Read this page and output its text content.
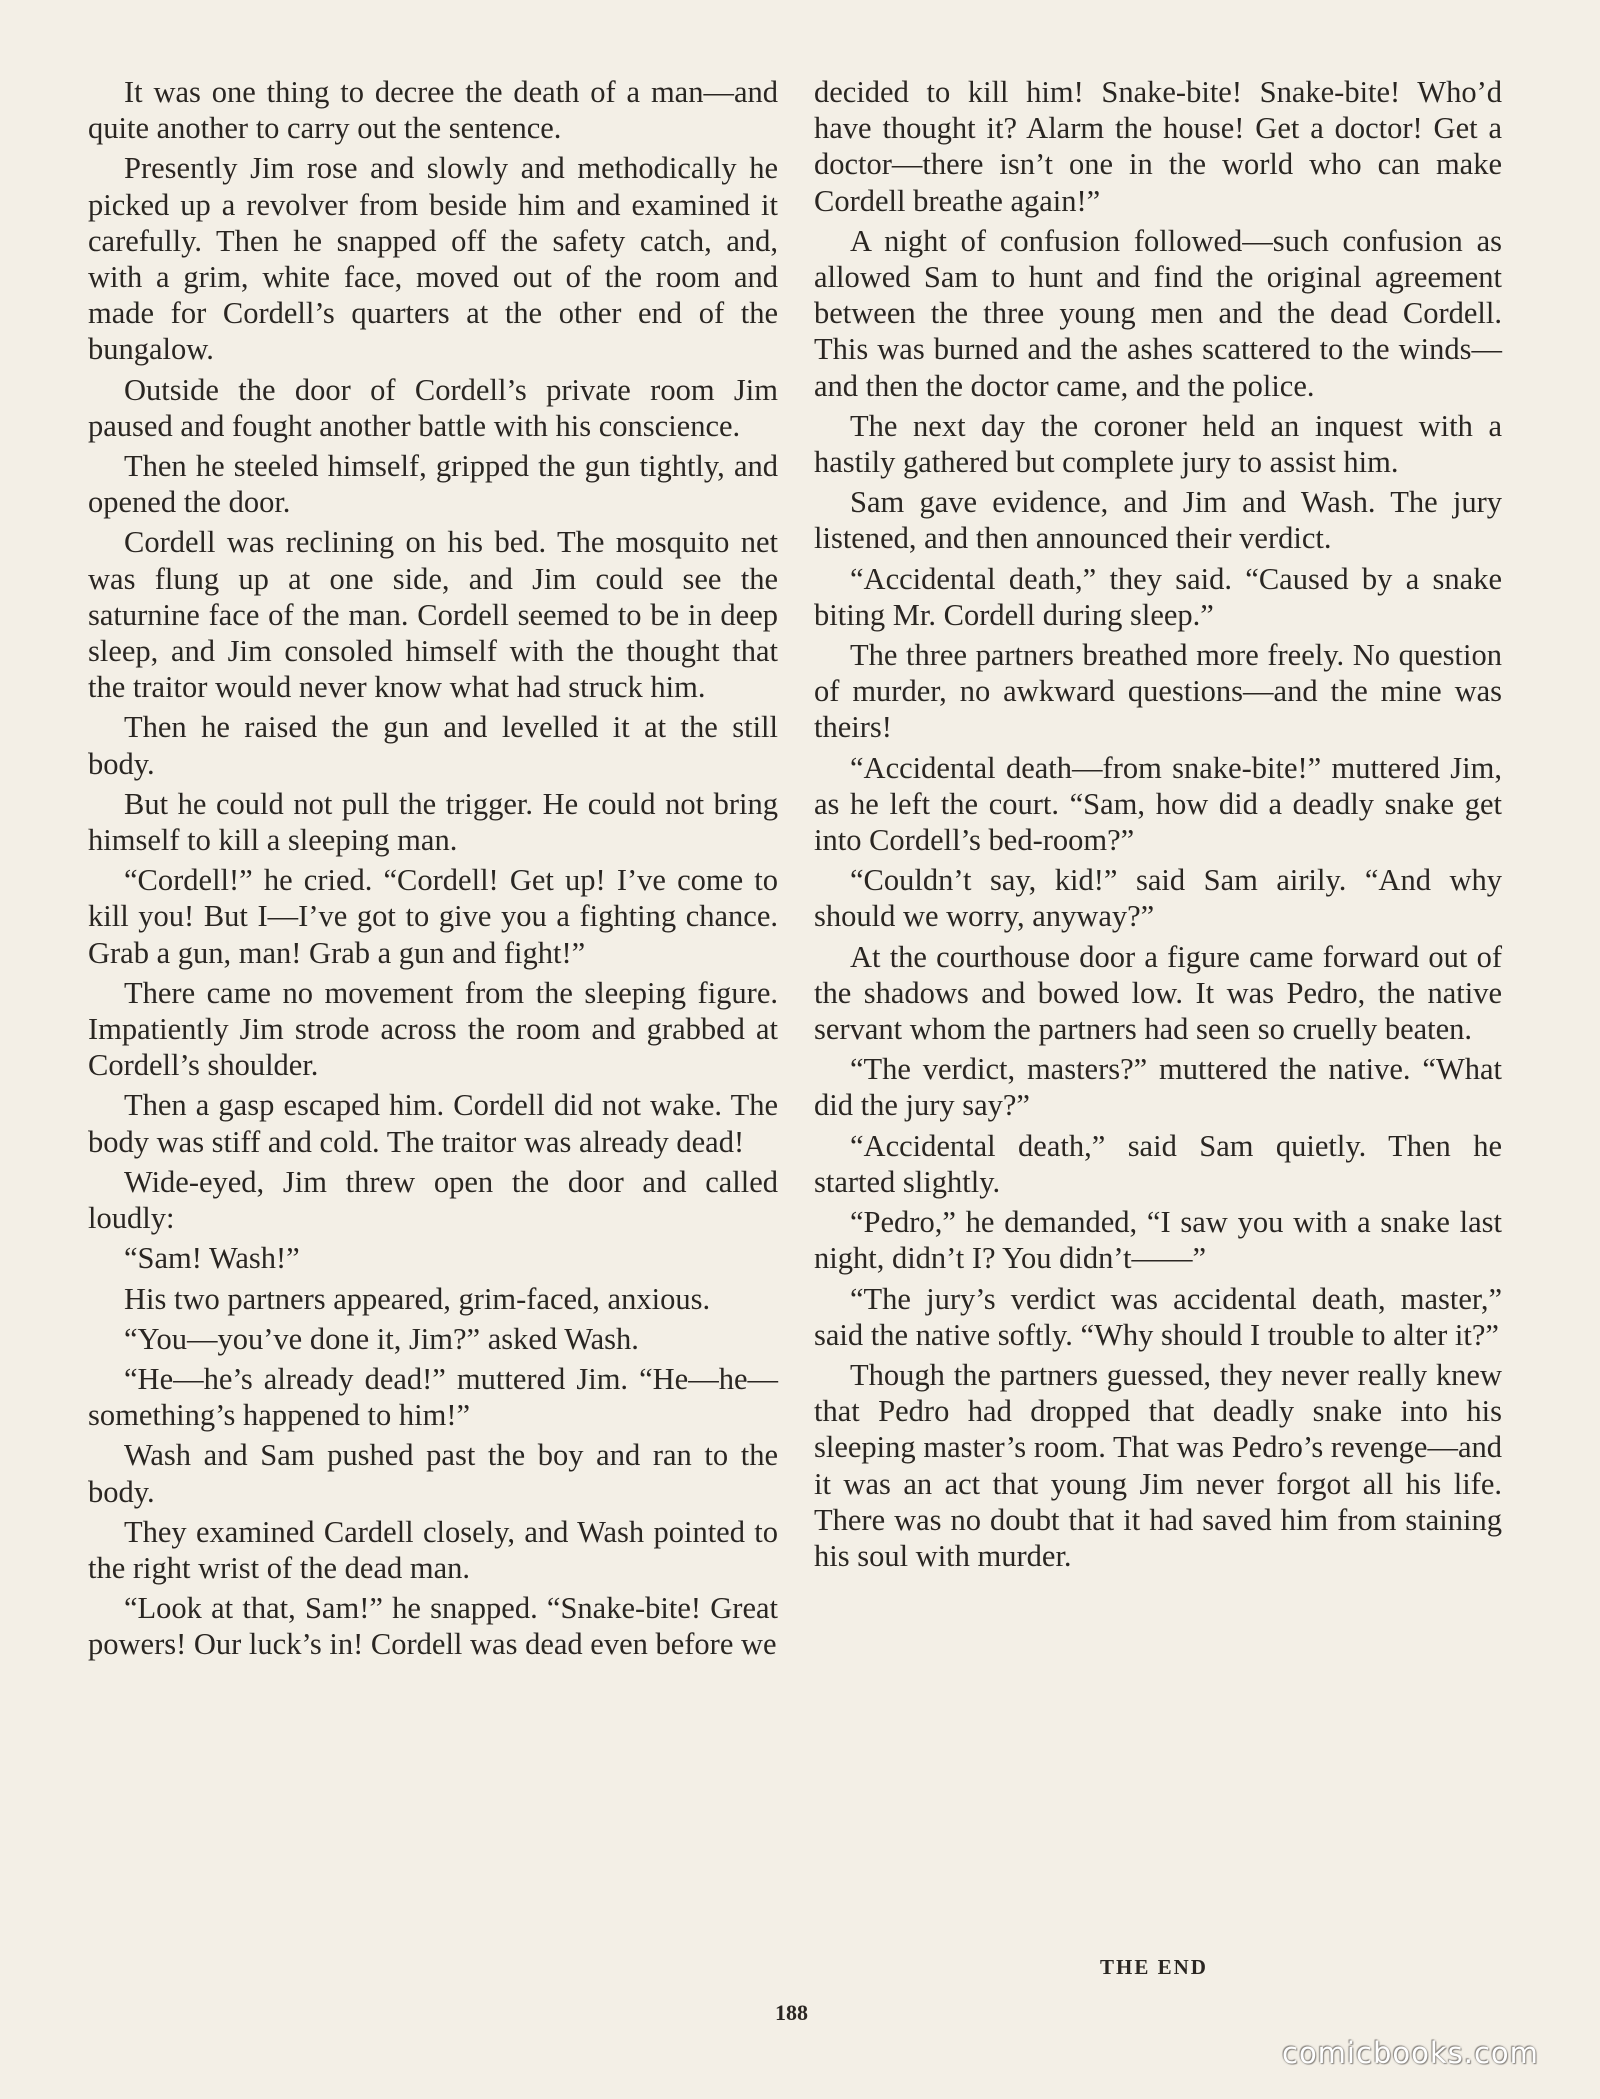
It was one thing to decree the death of a man—and quite another to carry out the sentence.

Presently Jim rose and slowly and methodically he picked up a revolver from beside him and examined it carefully. Then he snapped off the safety catch, and, with a grim, white face, moved out of the room and made for Cordell’s quarters at the other end of the bungalow.

Outside the door of Cordell’s private room Jim paused and fought another battle with his conscience.

Then he steeled himself, gripped the gun tightly, and opened the door.

Cordell was reclining on his bed. The mosquito net was flung up at one side, and Jim could see the saturnine face of the man. Cordell seemed to be in deep sleep, and Jim consoled himself with the thought that the traitor would never know what had struck him.

Then he raised the gun and levelled it at the still body.

But he could not pull the trigger. He could not bring himself to kill a sleeping man.

“Cordell!” he cried. “Cordell! Get up! I’ve come to kill you! But I—I’ve got to give you a fighting chance. Grab a gun, man! Grab a gun and fight!”

There came no movement from the sleeping figure. Impatiently Jim strode across the room and grabbed at Cordell’s shoulder.

Then a gasp escaped him. Cordell did not wake. The body was stiff and cold. The traitor was already dead!

Wide-eyed, Jim threw open the door and called loudly:

“Sam! Wash!”

His two partners appeared, grim-faced, anxious.

“You—you’ve done it, Jim?” asked Wash.

“He—he’s already dead!” muttered Jim. “He—he—something’s happened to him!”

Wash and Sam pushed past the boy and ran to the body.

They examined Cardell closely, and Wash pointed to the right wrist of the dead man.

“Look at that, Sam!” he snapped. “Snake-bite! Great powers! Our luck’s in! Cordell was dead even before we

decided to kill him! Snake-bite! Snake-bite! Who’d have thought it? Alarm the house! Get a doctor! Get a doctor—there isn’t one in the world who can make Cordell breathe again!”

A night of confusion followed—such confusion as allowed Sam to hunt and find the original agreement between the three young men and the dead Cordell. This was burned and the ashes scattered to the winds—and then the doctor came, and the police.

The next day the coroner held an inquest with a hastily gathered but complete jury to assist him.

Sam gave evidence, and Jim and Wash. The jury listened, and then announced their verdict.

“Accidental death,” they said. “Caused by a snake biting Mr. Cordell during sleep.”

The three partners breathed more freely. No question of murder, no awkward questions—and the mine was theirs!

“Accidental death—from snake-bite!” muttered Jim, as he left the court. “Sam, how did a deadly snake get into Cordell’s bed-room?”

“Couldn’t say, kid!” said Sam airily. “And why should we worry, anyway?”

At the courthouse door a figure came forward out of the shadows and bowed low. It was Pedro, the native servant whom the partners had seen so cruelly beaten.

“The verdict, masters?” muttered the native. “What did the jury say?”

“Accidental death,” said Sam quietly. Then he started slightly.

“Pedro,” he demanded, “I saw you with a snake last night, didn’t I? You didn’t——”

“The jury’s verdict was accidental death, master,” said the native softly. “Why should I trouble to alter it?”

Though the partners guessed, they never really knew that Pedro had dropped that deadly snake into his sleeping master’s room. That was Pedro’s revenge—and it was an act that young Jim never forgot all his life. There was no doubt that it had saved him from staining his soul with murder.

THE END
188
comicbooks.com
